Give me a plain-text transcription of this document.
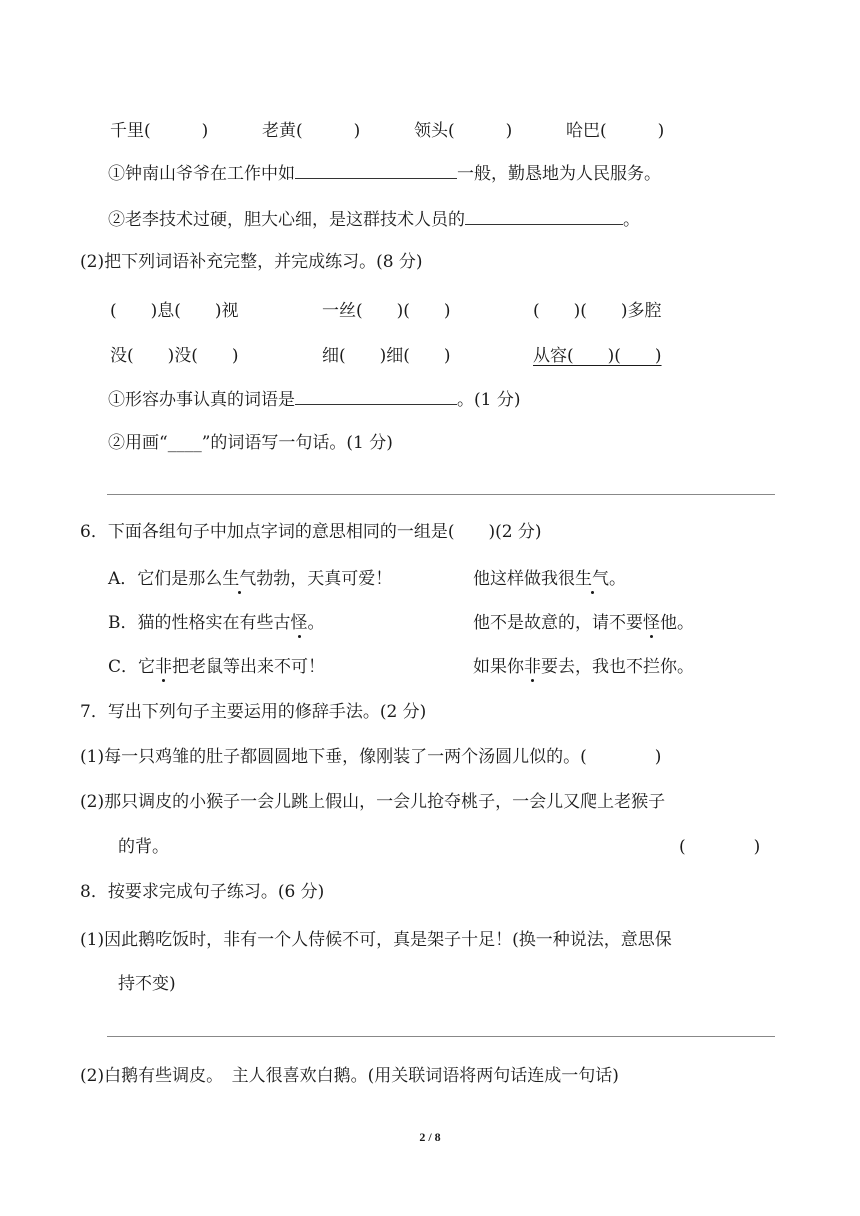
千里(　　　)	老黄(　　　)	领头(　　　)	哈巴(　　　)
①钟南山爷爷在工作中如	一般，勤恳地为人民服务。
②老李技术过硬，胆大心细，是这群技术人员的	。
(2)把下列词语补充完整，并完成练习。(8 分)
(　　)息(　　)视	一丝(　　)(　　)	(　　)(　　)多腔
没(　　)没(　　)	细(　　)细(　　)	从容(　　)(　　)
①形容办事认真的词语是	。(1 分)
②用画“____”的词语写一句话。(1 分)
6．下面各组句子中加点字词的意思相同的一组是(　　)(2 分)
A．它们是那么生气勃勃，天真可爱！	他这样做我很生气。
B．猫的性格实在有些古怪。	他不是故意的，请不要怪他。
C．它非把老鼠等出来不可！	如果你非要去，我也不拦你。
7．写出下列句子主要运用的修辞手法。(2 分)
(1)每一只鸡雏的肚子都圆圆地下垂，像刚装了一两个汤圆儿似的。(　　　　)
(2)那只调皮的小猴子一会儿跳上假山，一会儿抢夺桃子，一会儿又爬上老猴子
的背。	(　　　　)
8．按要求完成句子练习。(6 分)
(1)因此鹅吃饭时，非有一个人侍候不可，真是架子十足！(换一种说法，意思保
持不变)
(2)白鹅有些调皮。　主人很喜欢白鹅。(用关联词语将两句话连成一句话)
2 / 8
